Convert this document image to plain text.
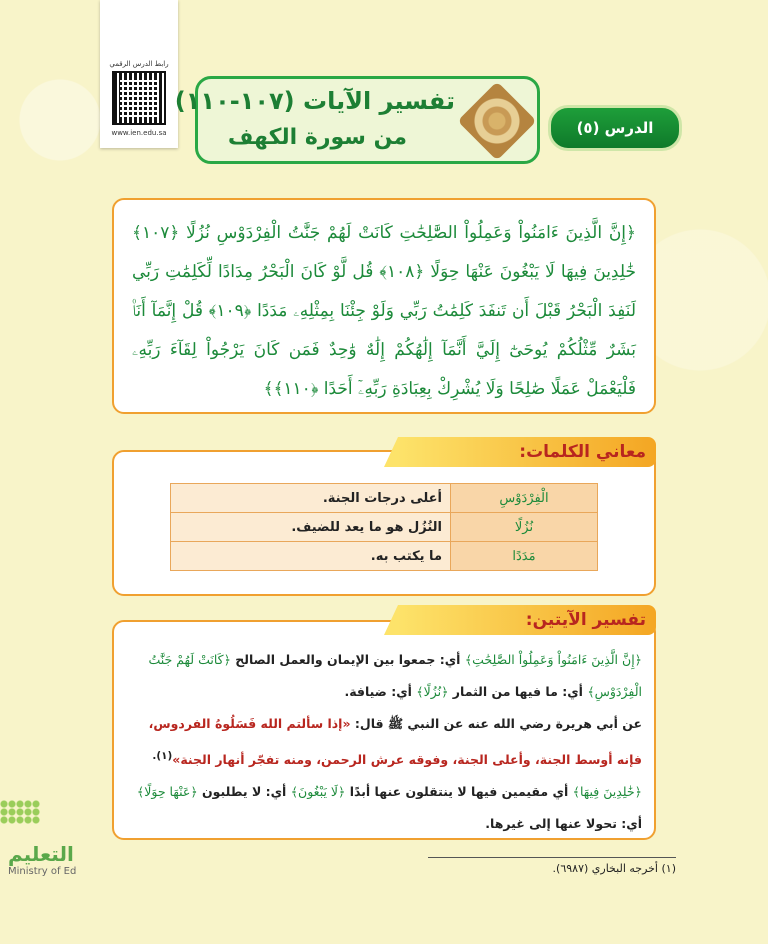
رابط الدرس الرقمي
www.ien.edu.sa	الدرس (٥)
تفسير الآيات (١٠٧-١١٠)
من سورة الكهف
﴿إِنَّ الَّذِينَ ءَامَنُواْ وَعَمِلُواْ الصَّٰلِحَٰتِ كَانَتْ لَهُمْ جَنَّٰتُ الْفِرْدَوْسِ نُزُلًا ﴿١٠٧﴾ خَٰلِدِينَ فِيهَا لَا يَبْغُونَ عَنْهَا حِوَلًا ﴿١٠٨﴾ قُل لَّوْ كَانَ الْبَحْرُ مِدَادًا لِّكَلِمَٰتِ رَبِّي لَنَفِدَ الْبَحْرُ قَبْلَ أَن تَنفَدَ كَلِمَٰتُ رَبِّي وَلَوْ جِئْنَا بِمِثْلِهِۦ مَدَدًا ﴿١٠٩﴾ قُلْ إِنَّمَآ أَنَا۠ بَشَرٌ مِّثْلُكُمْ يُوحَىٰٓ إِلَيَّ أَنَّمَآ إِلَٰهُكُمْ إِلَٰهٌ وَٰحِدٌ فَمَن كَانَ يَرْجُواْ لِقَآءَ رَبِّهِۦ فَلْيَعْمَلْ عَمَلًا صَٰلِحًا وَلَا يُشْرِكْ بِعِبَادَةِ رَبِّهِۦٓ أَحَدًا ﴿١١٠﴾﴾
معاني الكلمات:
الْفِرْدَوْسِ	أعلى درجات الجنة.
نُزُلًا	النُزُل هو ما يعد للضيف.
مَدَدًا	ما يكتب به.
﴿إِنَّ الَّذِينَ ءَامَنُواْ وَعَمِلُواْ الصَّٰلِحَٰتِ﴾ أي: جمعوا بين الإيمان والعمل الصالح ﴿كَانَتْ لَهُمْ جَنَّٰتُ الْفِرْدَوْسِ﴾ أي: ما فيها من الثمار ﴿نُزُلًا﴾ أي: ضيافة.
عن أبي هريرة رضي الله عنه عن النبي ﷺ قال: «إذا سألتم الله فَسَلُوهُ الفردوس، فإنه أوسط الجنة، وأعلى الجنة، وفوقه عرش الرحمن، ومنه تفجّر أنهار الجنة»$^{(١).}$
﴿خَٰلِدِينَ فِيهَا﴾ أي مقيمين فيها لا ينتقلون عنها أبدًا ﴿لَا يَبْغُونَ﴾ أي: لا يطلبون ﴿عَنْهَا حِوَلًا﴾ أي: تحولا عنها إلى غيرها.
تفسير الآيتين:
(١) أخرجه البخاري (٦٩٨٧).
التعليم
Ministry of Ed
